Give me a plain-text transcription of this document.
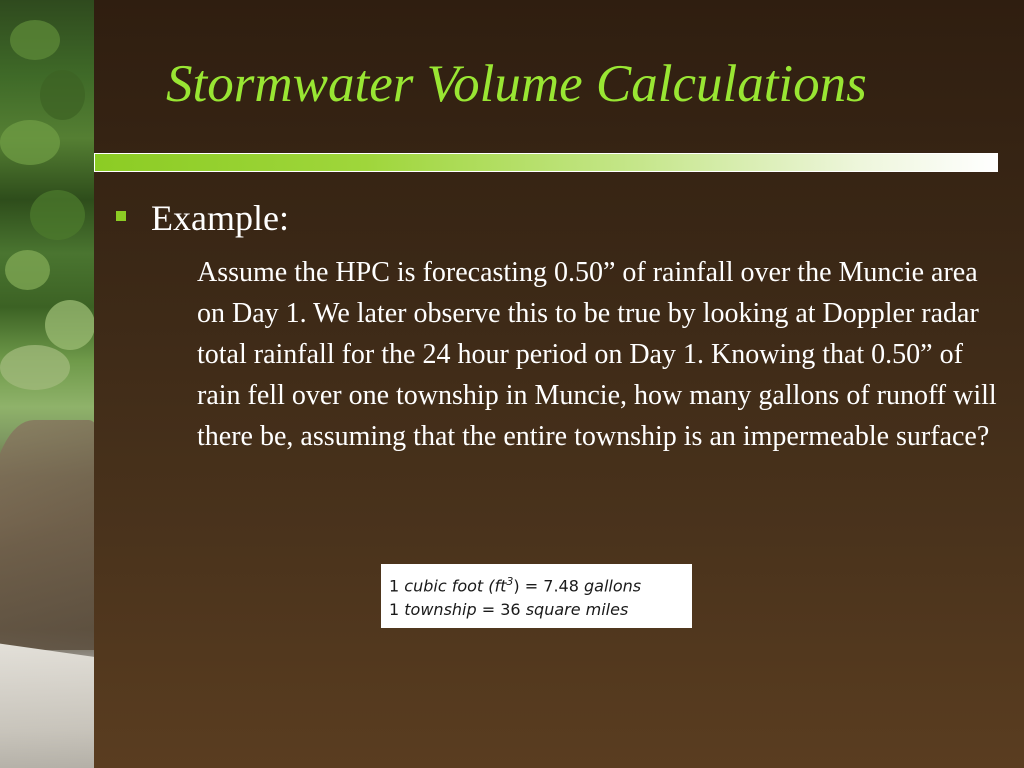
Stormwater Volume Calculations
Example:

Assume the HPC is forecasting 0.50” of rainfall over the Muncie area on Day 1. We later observe this to be true by looking at Doppler radar total rainfall for the 24 hour period on Day 1. Knowing that 0.50” of rain fell over one township in Muncie, how many gallons of runoff will there be, assuming that the entire township is an impermeable surface?

1 cubic foot $(ft^3) = 7.48$ gallons
1 township = 36 square miles
